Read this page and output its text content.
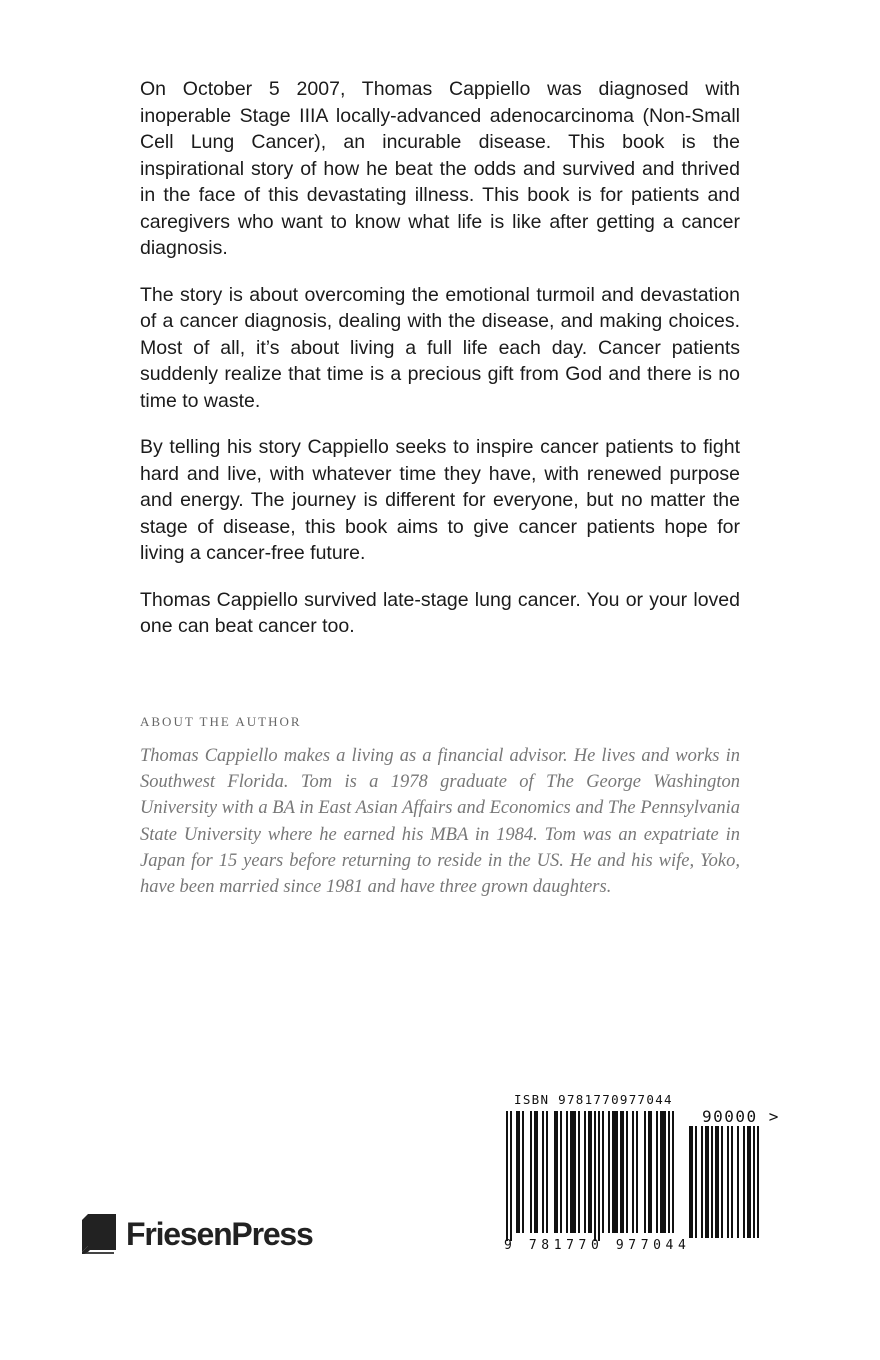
On October 5 2007, Thomas Cappiello was diagnosed with inoperable Stage IIIA locally-advanced adenocarcinoma (Non-Small Cell Lung Cancer), an incurable disease. This book is the inspirational story of how he beat the odds and survived and thrived in the face of this devastating illness. This book is for patients and caregivers who want to know what life is like after getting a cancer diagnosis.

The story is about overcoming the emotional turmoil and devastation of a cancer diagnosis, dealing with the disease, and making choices. Most of all, it’s about living a full life each day. Cancer patients suddenly realize that time is a precious gift from God and there is no time to waste.

By telling his story Cappiello seeks to inspire cancer patients to fight hard and live, with whatever time they have, with renewed purpose and energy. The journey is different for everyone, but no matter the stage of disease, this book aims to give cancer patients hope for living a cancer-free future.

Thomas Cappiello survived late-stage lung cancer. You or your loved one can beat cancer too.

ABOUT THE AUTHOR

Thomas Cappiello makes a living as a financial advisor. He lives and works in Southwest Florida. Tom is a 1978 graduate of The George Washington University with a BA in East Asian Affairs and Economics and The Pennsylvania State University where he earned his MBA in 1984. Tom was an expatriate in Japan for 15 years before returning to reside in the US. He and his wife, Yoko, have been married since 1981 and have three grown daughters.

FriesenPress
ISBN 9781770977044
9 781770 977044
90000 >
